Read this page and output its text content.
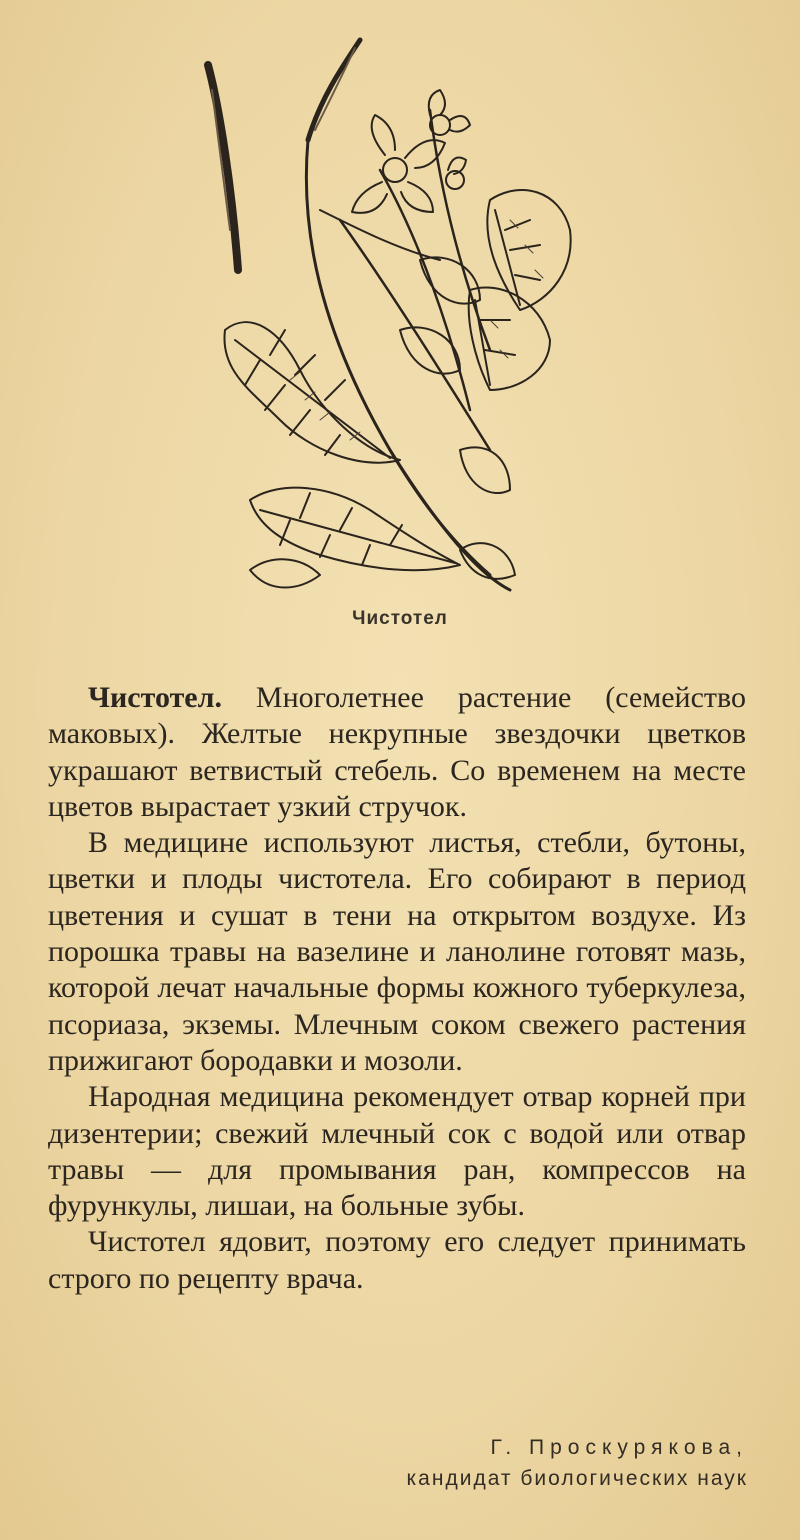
Чистотел

Чистотел. Многолетнее растение (семейство маковых). Желтые некрупные звездочки цветков украшают ветвистый стебель. Со временем на месте цветов вырастает узкий стручок.

В медицине используют листья, стебли, бутоны, цветки и плоды чистотела. Его собирают в период цветения и сушат в тени на открытом воздухе. Из порошка травы на вазелине и ланолине готовят мазь, которой лечат начальные формы кожного туберкулеза, псориаза, экземы. Млечным соком свежего растения прижигают бородавки и мозоли.

Народная медицина рекомендует отвар корней при дизентерии; свежий млечный сок с водой или отвар травы — для промывания ран, компрессов на фурункулы, лишаи, на больные зубы.

Чистотел ядовит, поэтому его следует принимать строго по рецепту врача.

Г. Проскурякова,
кандидат биологических наук
